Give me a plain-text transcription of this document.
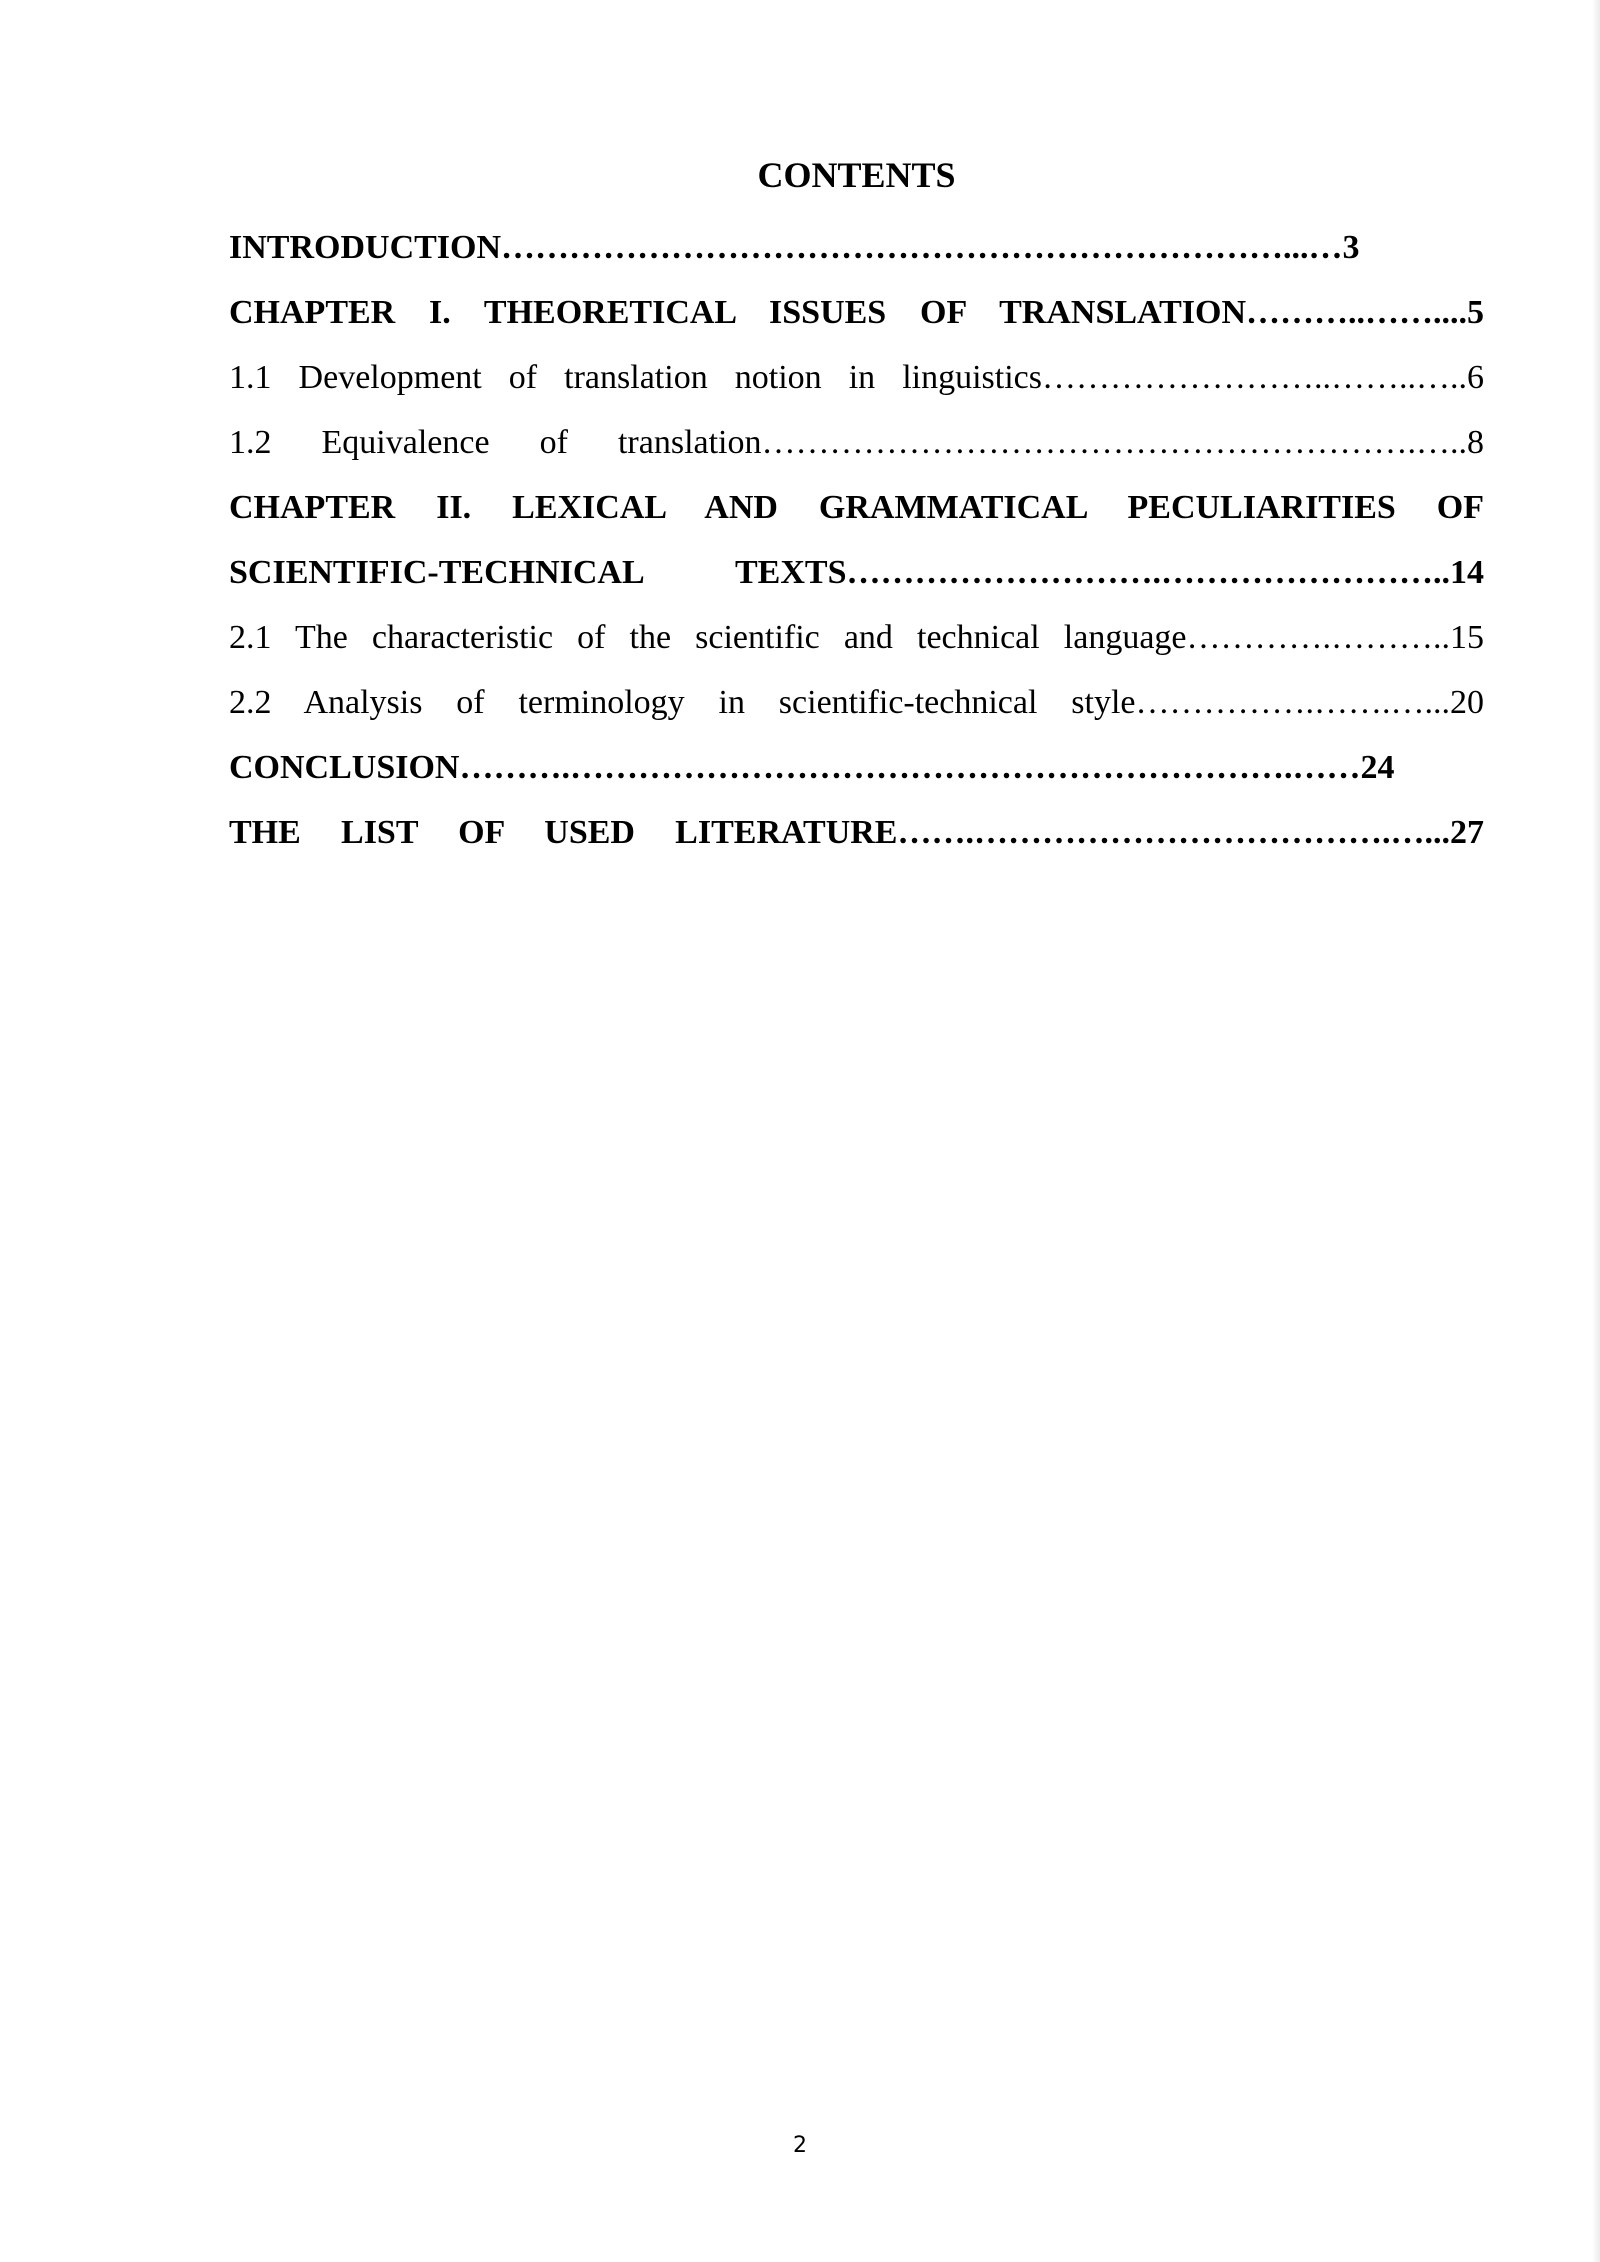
CONTENTS
INTRODUCTION……………………………………………………………...…3
CHAPTER I. THEORETICAL ISSUES OF TRANSLATION………..……....5
1.1 Development of translation notion in linguistics……………………..……..…..6
1.2 Equivalence of translation………………………………………………….…..8
CHAPTER II. LEXICAL AND GRAMMATICAL PECULIARITIES OF
SCIENTIFIC-TECHNICAL TEXTS……………………….……………………..14
2.1 The characteristic of the scientific and technical language………….………..15
2.2 Analysis of terminology in scientific-technical style…………….…….…...20
CONCLUSION……….……………………………………………………….……24
THE LIST OF USED LITERATURE…….……………………………….…...27
2
